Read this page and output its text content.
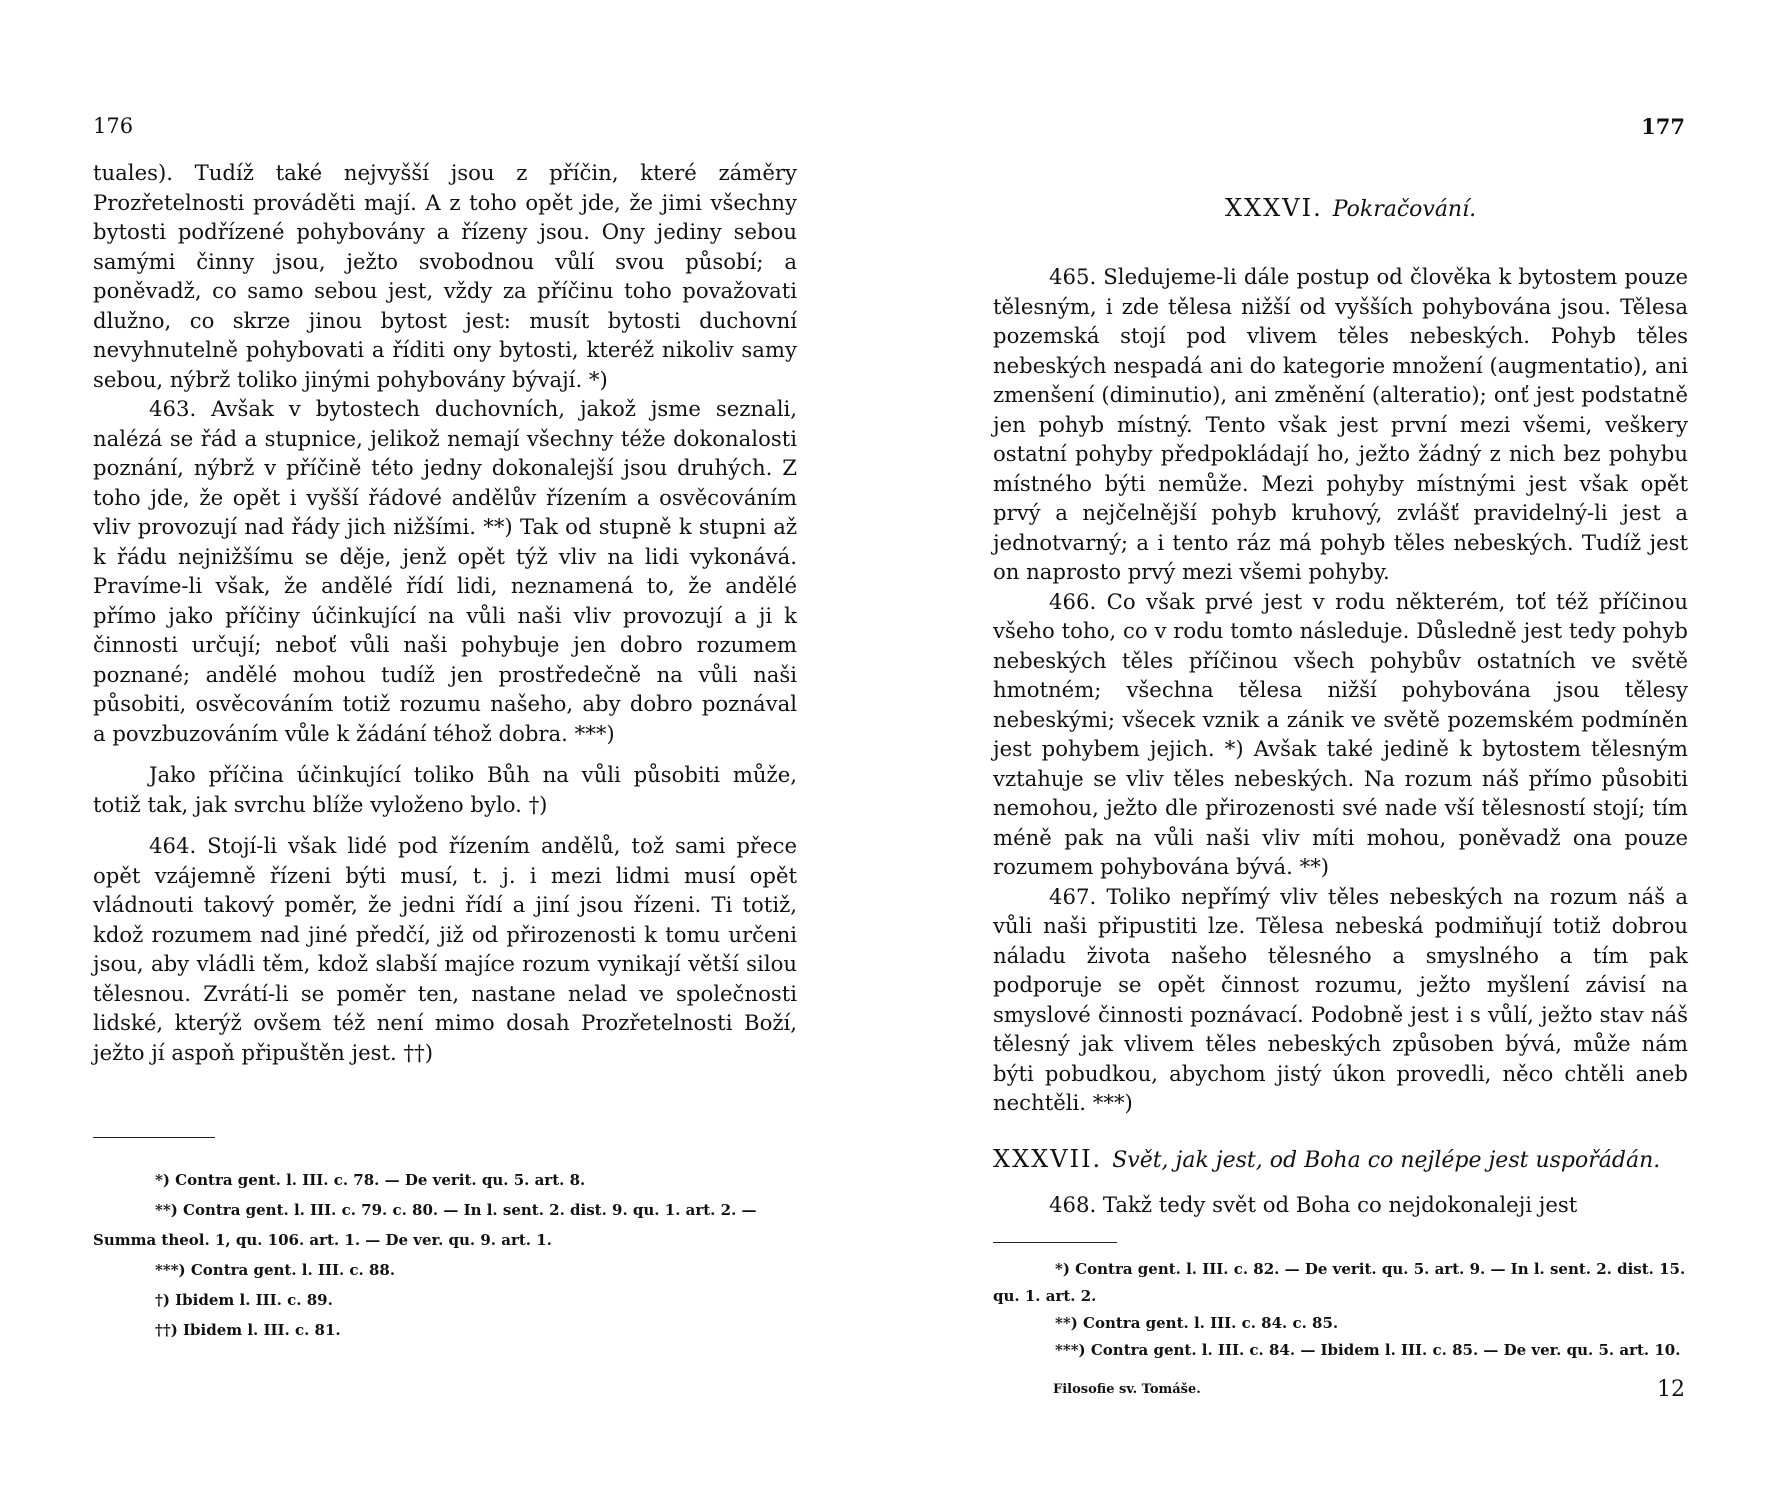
176

tuales). Tudíž také nejvyšší jsou z příčin, které záměry Prozřetelnosti prováděti mají. A z toho opět jde, že jimi všechny bytosti podřízené pohybovány a řízeny jsou. Ony jediny sebou samými činny jsou, ježto svobodnou vůlí svou působí; a poněvadž, co samo sebou jest, vždy za příčinu toho považovati dlužno, co skrze jinou bytost jest: musít bytosti duchovní nevyhnutelně pohybovati a říditi ony bytosti, kteréž nikoliv samy sebou, nýbrž toliko jinými pohybovány bývají. *)

463. Avšak v bytostech duchovních, jakož jsme seznali, nalézá se řád a stupnice, jelikož nemají všechny téže dokonalosti poznání, nýbrž v příčině této jedny dokonalejší jsou druhých. Z toho jde, že opět i vyšší řádové andělův řízením a osvěcováním vliv provozují nad řády jich nižšími. **) Tak od stupně k stupni až k řádu nejnižšímu se děje, jenž opět týž vliv na lidi vykonává. Pravíme-li však, že andělé řídí lidi, neznamená to, že andělé přímo jako příčiny účinkující na vůli naši vliv provozují a ji k činnosti určují; neboť vůli naši pohybuje jen dobro rozumem poznané; andělé mohou tudíž jen prostředečně na vůli naši působiti, osvěcováním totiž rozumu našeho, aby dobro poznával a povzbuzováním vůle k žádání téhož dobra. ***)

Jako příčina účinkující toliko Bůh na vůli působiti může, totiž tak, jak svrchu blíže vyloženo bylo. †)

464. Stojí-li však lidé pod řízením andělů, tož sami přece opět vzájemně řízeni býti musí, t. j. i mezi lidmi musí opět vládnouti takový poměr, že jedni řídí a jiní jsou řízeni. Ti totiž, kdož rozumem nad jiné předčí, již od přirozenosti k tomu určeni jsou, aby vládli těm, kdož slabší majíce rozum vynikají větší silou tělesnou. Zvrátí-li se poměr ten, nastane nelad ve společnosti lidské, kterýž ovšem též není mimo dosah Prozřetelnosti Boží, ježto jí aspoň připuštěn jest. ††)

*) Contra gent. l. III. c. 78. — De verit. qu. 5. art. 8.

**) Contra gent. l. III. c. 79. c. 80. — In l. sent. 2. dist. 9. qu. 1. art. 2. — Summa theol. 1, qu. 106. art. 1. — De ver. qu. 9. art. 1.

***) Contra gent. l. III. c. 88.

†) Ibidem l. III. c. 89.

††) Ibidem l. III. c. 81.

177
XXXVI. Pokračování.

465. Sledujeme-li dále postup od člověka k bytostem pouze tělesným, i zde tělesa nižší od vyšších pohybována jsou. Tělesa pozemská stojí pod vlivem těles nebeských. Pohyb těles nebeských nespadá ani do kategorie množení (augmentatio), ani zmenšení (diminutio), ani změnění (alteratio); onť jest podstatně jen pohyb místný. Tento však jest první mezi všemi, veškery ostatní pohyby předpokládají ho, ježto žádný z nich bez pohybu místného býti nemůže. Mezi pohyby místnými jest však opět prvý a nejčelnější pohyb kruhový, zvlášť pravidelný-li jest a jednotvarný; a i tento ráz má pohyb těles nebeských. Tudíž jest on naprosto prvý mezi všemi pohyby.

466. Co však prvé jest v rodu některém, toť též příčinou všeho toho, co v rodu tomto následuje. Důsledně jest tedy pohyb nebeských těles příčinou všech pohybův ostatních ve světě hmotném; všechna tělesa nižší pohybována jsou tělesy nebeskými; všecek vznik a zánik ve světě pozemském podmíněn jest pohybem jejich. *) Avšak také jedině k bytostem tělesným vztahuje se vliv těles nebeských. Na rozum náš přímo působiti nemohou, ježto dle přirozenosti své nade vší tělesností stojí; tím méně pak na vůli naši vliv míti mohou, poněvadž ona pouze rozumem pohybována bývá. **)

467. Toliko nepřímý vliv těles nebeských na rozum náš a vůli naši připustiti lze. Tělesa nebeská podmiňují totiž dobrou náladu života našeho tělesného a smyslného a tím pak podporuje se opět činnost rozumu, ježto myšlení závisí na smyslové činnosti poznávací. Podobně jest i s vůlí, ježto stav náš tělesný jak vlivem těles nebeských způsoben bývá, může nám býti pobudkou, abychom jistý úkon provedli, něco chtěli aneb nechtěli. ***)

XXXVII. Svět, jak jest, od Boha co nejlépe jest uspořádán.

468. Takž tedy svět od Boha co nejdokonaleji jest

*) Contra gent. l. III. c. 82. — De verit. qu. 5. art. 9. — In l. sent. 2. dist. 15. qu. 1. art. 2.

**) Contra gent. l. III. c. 84. c. 85.

***) Contra gent. l. III. c. 84. — Ibidem l. III. c. 85. — De ver. qu. 5. art. 10.

Filosofie sv. Tomáše.	12
